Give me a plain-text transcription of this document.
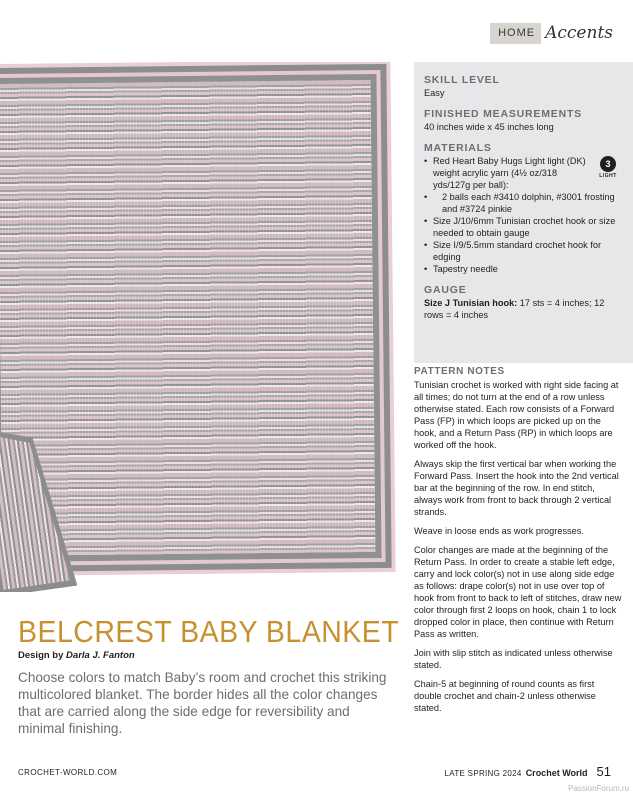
HOME Accents

SKILL LEVEL

Easy

FINISHED MEASUREMENTS

40 inches wide x 45 inches long

MATERIALS

3
LIGHT
• Red Heart Baby Hugs Light light (DK) weight acrylic yarn (4½ oz/318 yds/127g per ball):
• 2 balls each #3410 dolphin, #3001 frosting and #3724 pinkie
• Size J/10/6mm Tunisian crochet hook or size needed to obtain gauge
• Size I/9/5.5mm standard crochet hook for edging
• Tapestry needle

GAUGE

Size J Tunisian hook: 17 sts = 4 inches; 12 rows = 4 inches

PATTERN NOTES

Tunisian crochet is worked with right side facing at all times; do not turn at the end of a row unless otherwise stated. Each row consists of a Forward Pass (FP) in which loops are picked up on the hook, and a Return Pass (RP) in which loops are worked off the hook.

Always skip the first vertical bar when working the Forward Pass. Insert the hook into the 2nd vertical bar at the beginning of the row. In end stitch, always work from front to back through 2 vertical strands.

Weave in loose ends as work progresses.

Color changes are made at the beginning of the Return Pass. In order to create a stable left edge, carry and lock color(s) not in use along side edge as follows: drape color(s) not in use over top of hook from front to back to left of stitches, draw new color through first 2 loops on hook, chain 1 to lock dropped color in place, then continue with Return Pass as written.

Join with slip stitch as indicated unless otherwise stated.

Chain-5 at beginning of round counts as first double crochet and chain-2 unless otherwise stated.

BELCREST BABY BLANKET

Design by Darla J. Fanton

Choose colors to match Baby’s room and crochet this striking multicolored blanket. The border hides all the color changes that are carried along the side edge for reversibility and minimal finishing.

CROCHET-WORLD.COM	LATE SPRING 2024 Crochet World 51
PassionForum.ru
